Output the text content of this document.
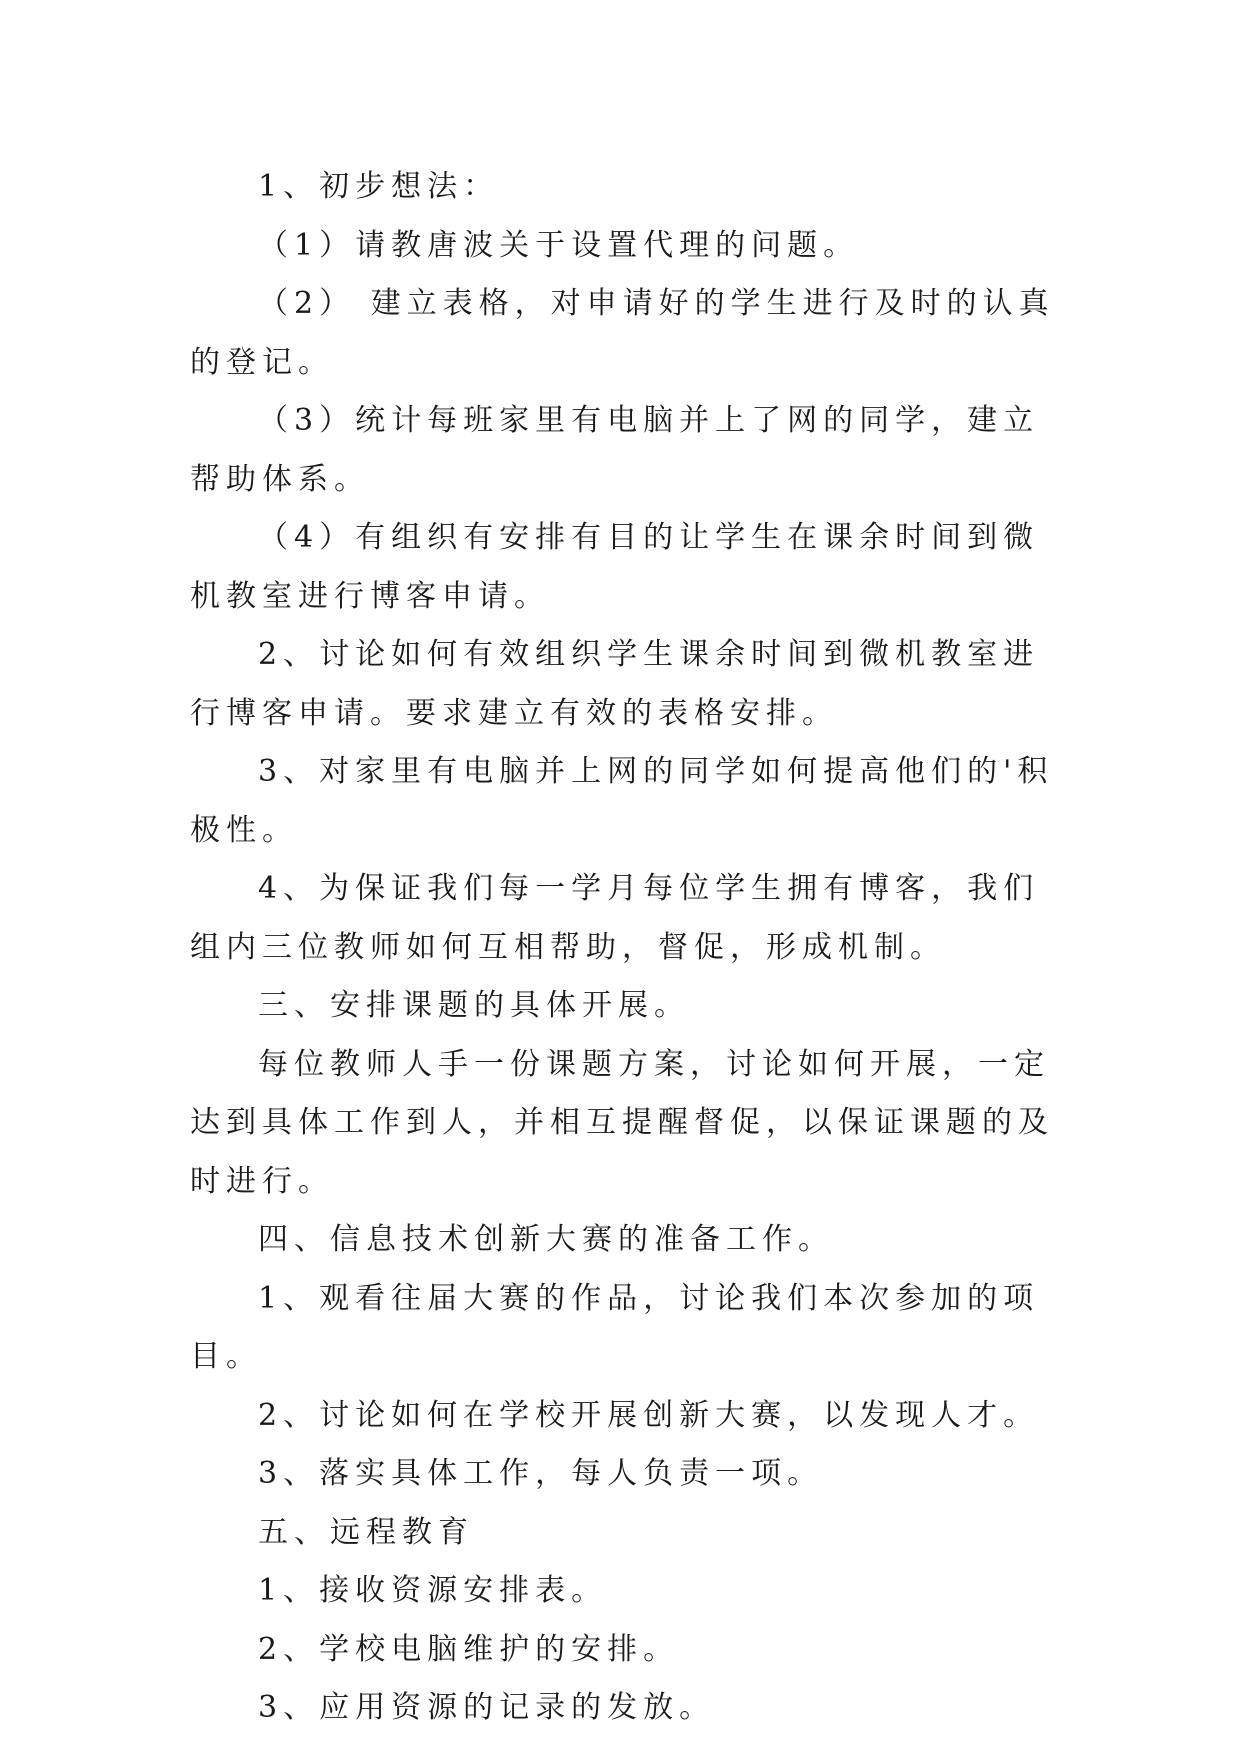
1、初步想法：

（1）请教唐波关于设置代理的问题。

（2） 建立表格，对申请好的学生进行及时的认真的登记。

（3）统计每班家里有电脑并上了网的同学，建立帮助体系。

（4）有组织有安排有目的让学生在课余时间到微机教室进行博客申请。

2、讨论如何有效组织学生课余时间到微机教室进行博客申请。要求建立有效的表格安排。

3、对家里有电脑并上网的同学如何提高他们的'积极性。

4、为保证我们每一学月每位学生拥有博客，我们组内三位教师如何互相帮助，督促，形成机制。

三、安排课题的具体开展。

每位教师人手一份课题方案，讨论如何开展，一定达到具体工作到人，并相互提醒督促，以保证课题的及时进行。

四、信息技术创新大赛的准备工作。

1、观看往届大赛的作品，讨论我们本次参加的项目。

2、讨论如何在学校开展创新大赛，以发现人才。

3、落实具体工作，每人负责一项。

五、远程教育

1、接收资源安排表。

2、学校电脑维护的安排。

3、应用资源的记录的发放。
